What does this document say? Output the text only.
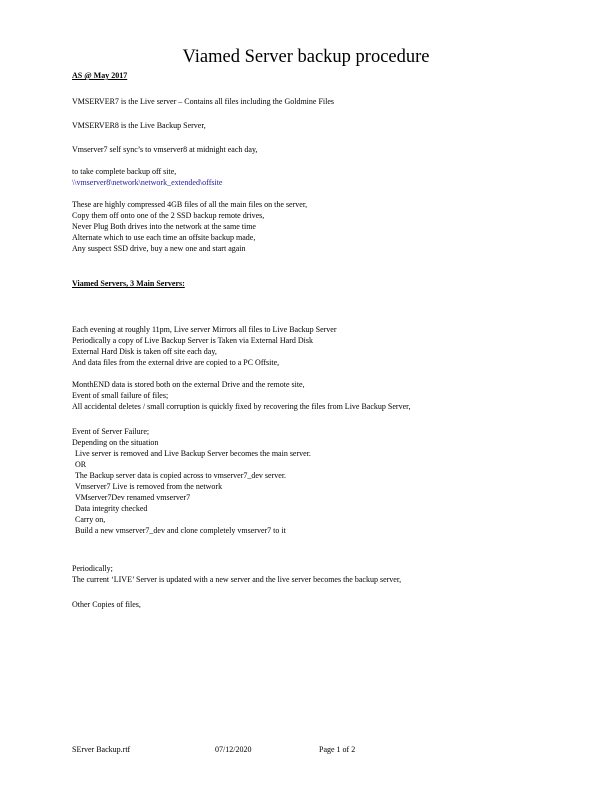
Viamed Server backup procedure
AS @ May 2017
VMSERVER7 is the Live server – Contains all files including the Goldmine Files
VMSERVER8 is the Live Backup Server,
Vmserver7 self sync’s to vmserver8 at midnight each day,
to take complete backup off site,
\\vmserver8\network\network_extended\offsite
These are highly compressed 4GB files of all the main files on the server,
Copy them off onto one of the 2 SSD backup remote drives,
Never Plug Both drives into the network at the same time
Alternate which to use each time an offsite backup made,
Any suspect SSD drive, buy a new one and start again
Viamed Servers, 3 Main Servers:
Each evening at roughly 11pm, Live server Mirrors all files to Live Backup Server
Periodically a copy of Live Backup Server is Taken via External Hard Disk
External Hard Disk is taken off site each day,
And data files from the external drive are copied to a PC Offsite,
MonthEND data is stored both on the external Drive and the remote site,
Event of small failure of files;
All accidental deletes / small corruption is quickly fixed by recovering the files from Live Backup Server,
Event of Server Failure;
Depending on the situation
Live server is removed and Live Backup Server becomes the main server.
OR
The Backup server data is copied across to vmserver7_dev server.
Vmserver7 Live is removed from the network
VMserver7Dev renamed vmserver7
Data integrity checked
Carry on,
Build a new vmserver7_dev and clone completely vmserver7 to it
Periodically;
The current ‘LIVE’ Server is updated with a new server and the live server becomes the backup server,
Other Copies of files,
SErver Backup.rtf	07/12/2020	Page 1 of 2
